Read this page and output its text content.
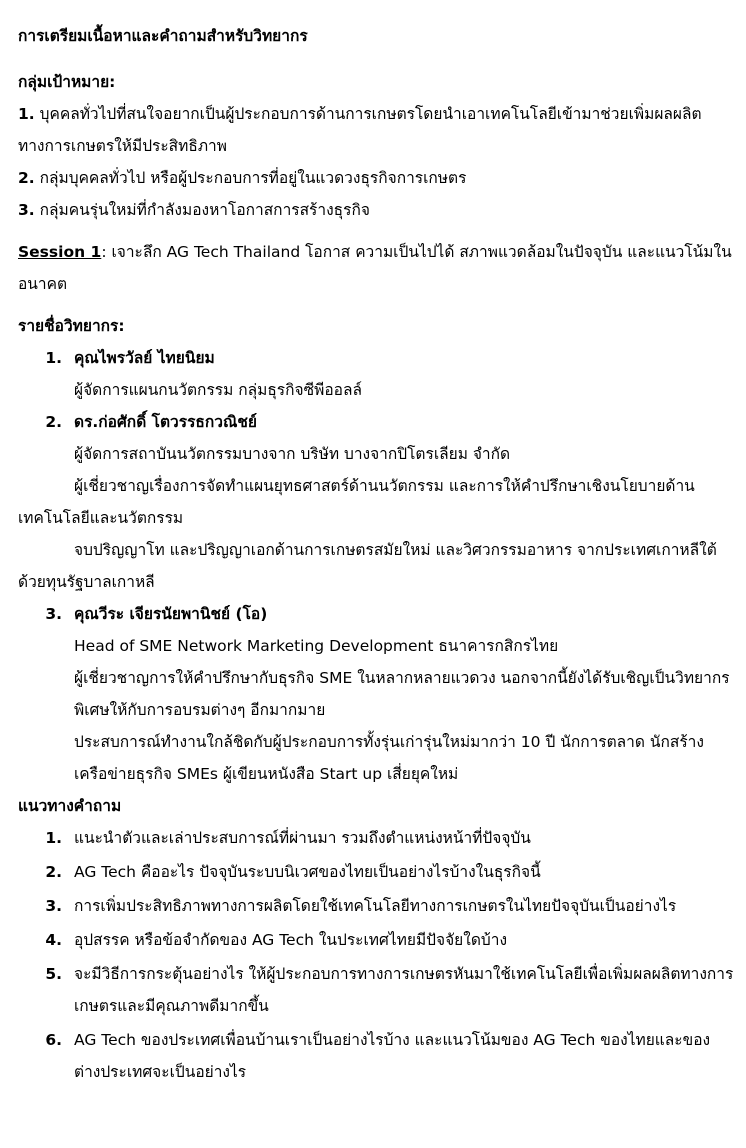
การเตรียมเนื้อหาและคำถามสำหรับวิทยากร

กลุ่มเป้าหมาย:

1. บุคคลทั่วไปที่สนใจอยากเป็นผู้ประกอบการด้านการเกษตรโดยนำเอาเทคโนโลยีเข้ามาช่วยเพิ่มผลผลิตทางการเกษตรให้มีประสิทธิภาพ

2. กลุ่มบุคคลทั่วไป หรือผู้ประกอบการที่อยู่ในแวดวงธุรกิจการเกษตร

3. กลุ่มคนรุ่นใหม่ที่กำลังมองหาโอกาสการสร้างธุรกิจ

Session 1: เจาะลึก AG Tech Thailand โอกาส ความเป็นไปได้ สภาพแวดล้อมในปัจจุบัน และแนวโน้มในอนาคต

รายชื่อวิทยากร:

1. คุณไพรวัลย์ ไทยนิยม

ผู้จัดการแผนกนวัตกรรม กลุ่มธุรกิจซีพีออลล์

2. ดร.ก่อศักดิ์ โตวรรธกวณิชย์

ผู้จัดการสถาบันนวัตกรรมบางจาก บริษัท บางจากปิโตรเลียม จำกัด

ผู้เชี่ยวชาญเรื่องการจัดทำแผนยุทธศาสตร์ด้านนวัตกรรม และการให้คำปรึกษาเชิงนโยบายด้านเทคโนโลยีและนวัตกรรม

จบปริญญาโท และปริญญาเอกด้านการเกษตรสมัยใหม่ และวิศวกรรมอาหาร จากประเทศเกาหลีใต้ ด้วยทุนรัฐบาลเกาหลี

3. คุณวีระ เจียรนัยพานิชย์ (โอ)

Head of SME Network Marketing Development ธนาคารกสิกรไทย

ผู้เชี่ยวชาญการให้คำปรึกษากับธุรกิจ SME ในหลากหลายแวดวง นอกจากนี้ยังได้รับเชิญเป็นวิทยากรพิเศษให้กับการอบรมต่างๆ อีกมากมาย

ประสบการณ์ทำงานใกล้ชิดกับผู้ประกอบการทั้งรุ่นเก่ารุ่นใหม่มากว่า 10 ปี นักการตลาด นักสร้างเครือข่ายธุรกิจ SMEs ผู้เขียนหนังสือ Start up เสี่ยยุคใหม่

แนวทางคำถาม

1. แนะนำตัวและเล่าประสบการณ์ที่ผ่านมา รวมถึงตำแหน่งหน้าที่ปัจจุบัน
2. AG Tech คืออะไร ปัจจุบันระบบนิเวศของไทยเป็นอย่างไรบ้างในธุรกิจนี้
3. การเพิ่มประสิทธิภาพทางการผลิตโดยใช้เทคโนโลยีทางการเกษตรในไทยปัจจุบันเป็นอย่างไร
4. อุปสรรค หรือข้อจำกัดของ AG Tech ในประเทศไทยมีปัจจัยใดบ้าง
5. จะมีวิธีการกระตุ้นอย่างไร ให้ผู้ประกอบการทางการเกษตรหันมาใช้เทคโนโลยีเพื่อเพิ่มผลผลิตทางการเกษตรและมีคุณภาพดีมากขึ้น
6. AG Tech ของประเทศเพื่อนบ้านเราเป็นอย่างไรบ้าง และแนวโน้มของ AG Tech ของไทยและของต่างประเทศจะเป็นอย่างไร
